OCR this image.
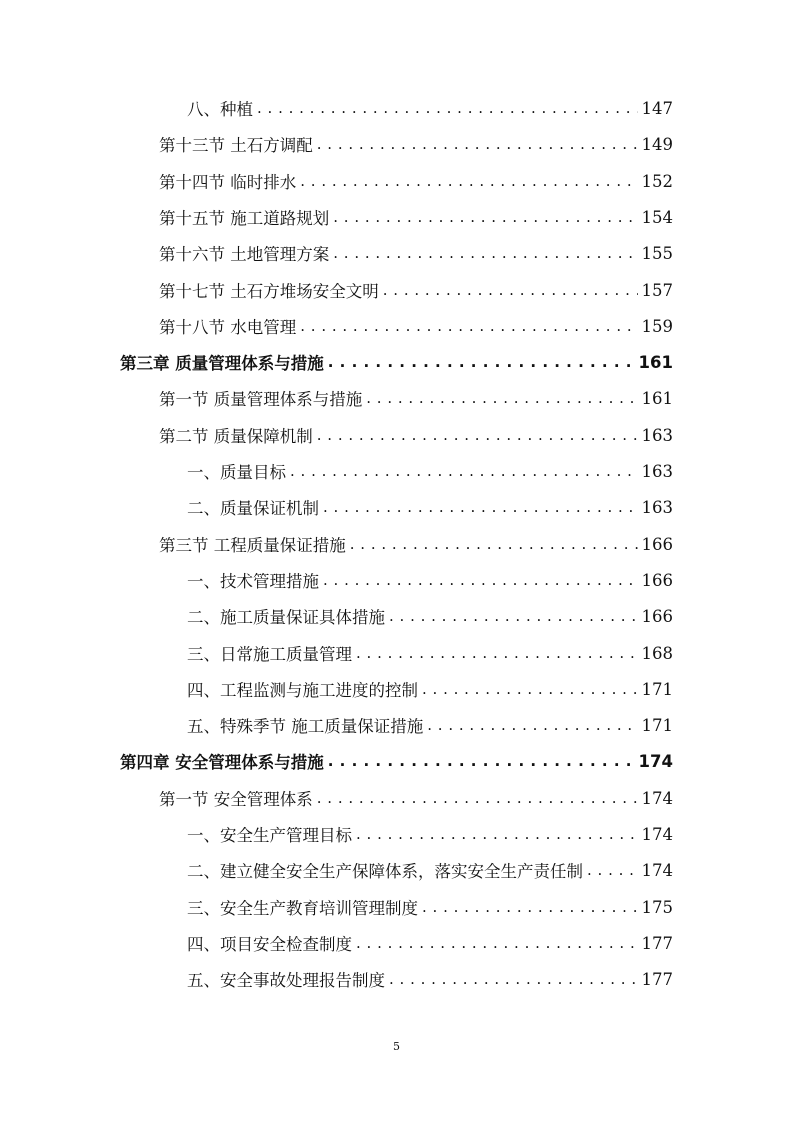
八、种植 . . .	147
第十三节 土石方调配 . . .	149
第十四节 临时排水 . . .	152
第十五节 施工道路规划 . . .	154
第十六节 土地管理方案 . . .	155
第十七节 土石方堆场安全文明 . . .	157
第十八节 水电管理 . . .	159
第三章 质量管理体系与措施 . . .	161
第一节 质量管理体系与措施 . . .	161
第二节 质量保障机制 . . .	163
一、质量目标 . . .	163
二、质量保证机制 . . .	163
第三节 工程质量保证措施 . . .	166
一、技术管理措施 . . .	166
二、施工质量保证具体措施 . . .	166
三、日常施工质量管理 . . .	168
四、工程监测与施工进度的控制 . . .	171
五、特殊季节 施工质量保证措施 . . .	171
第四章 安全管理体系与措施 . . .	174
第一节 安全管理体系 . . .	174
一、安全生产管理目标 . . .	174
二、建立健全安全生产保障体系，落实安全生产责任制 . . .	174
三、安全生产教育培训管理制度 . . .	175
四、项目安全检查制度 . . .	177
五、安全事故处理报告制度 . . .	177
5
